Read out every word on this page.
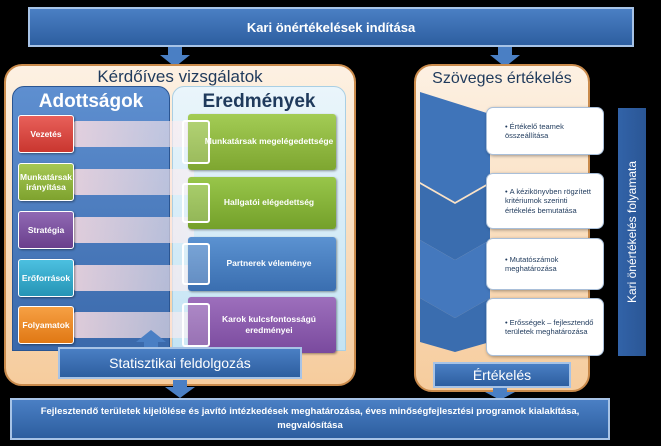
Kari önértékelések indítása
Kérdőíves vizsgálatok
Adottságok	Eredmények
Vezetés
Munkatársak irányítása
Stratégia
Erőforrások
Folyamatok
Munkatársak megelégedettsége
Hallgatói elégedettség
Partnerek véleménye
Karok kulcsfontosságú eredményei
Statisztikai feldolgozás
Szöveges értékelés
• Értékelő teamek összeállítása
• A kézikönyvben rögzített kritériumok szerinti értékelés bemutatása
• Mutatószámok meghatározása
• Erősségek – fejlesztendő területek meghatározása
Értékelés
Kari önértékelés folyamata
Fejlesztendő területek kijelölése és javító intézkedések meghatározása, éves minőségfejlesztési programok kialakítása, megvalósítása
